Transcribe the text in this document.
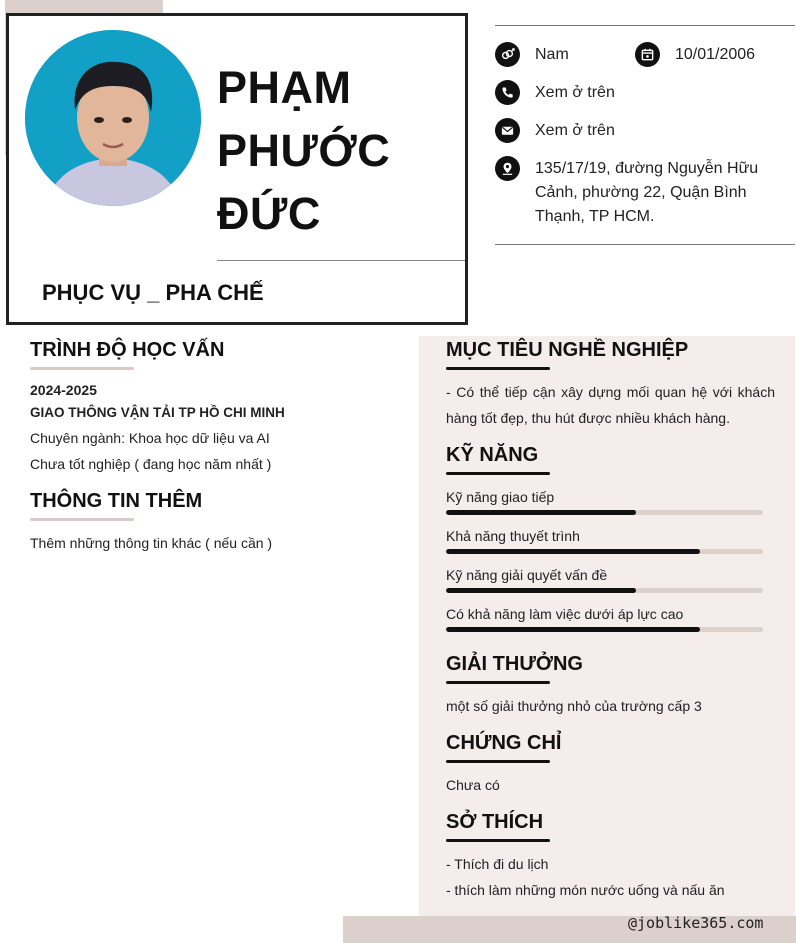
PHẠM
PHƯỚC
ĐỨC
PHỤC VỤ _ PHA CHẾ
Nam	10/01/2006
Xem ở trên
Xem ở trên
135/17/19, đường Nguyễn Hữu Cảnh, phường 22, Quận Bình Thạnh, TP HCM.
TRÌNH ĐỘ HỌC VẤN
2024-2025
GIAO THÔNG VẬN TẢI TP HỒ CHI MINH
Chuyên ngành: Khoa học dữ liệu va AI
Chưa tốt nghiệp ( đang học năm nhất )
THÔNG TIN THÊM
Thêm những thông tin khác ( nếu cần )
MỤC TIÊU NGHỀ NGHIỆP
- Có thể tiếp cận xây dựng mối quan hệ với khách hàng tốt đẹp, thu hút được nhiều khách hàng.
KỸ NĂNG
Kỹ năng giao tiếp
Khả năng thuyết trình
Kỹ năng giải quyết vấn đề
Có khả năng làm việc dưới áp lực cao
GIẢI THƯỞNG
một số giải thưởng nhỏ của trường cấp 3
CHỨNG CHỈ
Chưa có
SỞ THÍCH
- Thích đi du lịch
- thích làm những món nước uống và nấu ăn
@joblike365.com
